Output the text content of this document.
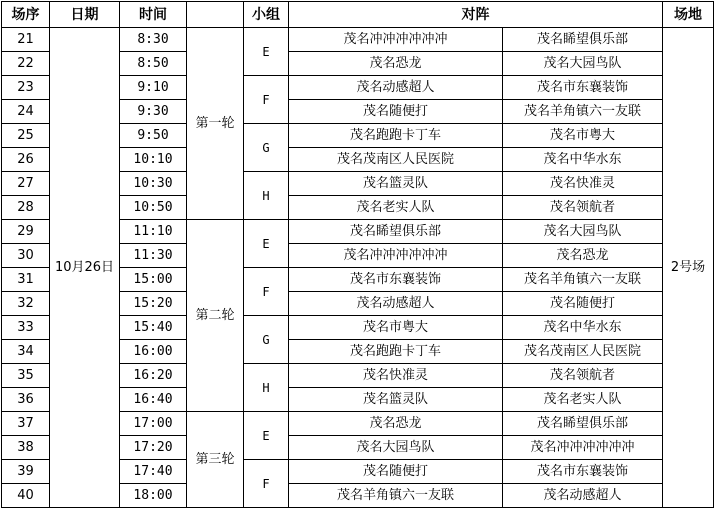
场序	日期	时间		小组	对阵		场地
21	10月26日	8:30	第一轮	E	茂名冲冲冲冲冲冲	茂名睎望俱乐部	2号场
22		8:50			茂名恐龙	茂名大园鸟队	
23		9:10		F	茂名动感超人	茂名市东襄装饰	
24		9:30			茂名随便打	茂名羊角镇六一友联	
25		9:50		G	茂名跑跑卡丁车	茂名市粤大	
26		10:10			茂名茂南区人民医院	茂名中华水东	
27		10:30		H	茂名篮灵队	茂名快准灵	
28		10:50			茂名老实人队	茂名领航者	
29		11:10	第二轮	E	茂名睎望俱乐部	茂名大园鸟队	
30		11:30			茂名冲冲冲冲冲冲	茂名恐龙	
31		15:00		F	茂名市东襄装饰	茂名羊角镇六一友联	
32		15:20			茂名动感超人	茂名随便打	
33		15:40		G	茂名市粤大	茂名中华水东	
34		16:00			茂名跑跑卡丁车	茂名茂南区人民医院	
35		16:20		H	茂名快准灵	茂名领航者	
36		16:40			茂名篮灵队	茂名老实人队	
37		17:00	第三轮	E	茂名恐龙	茂名睎望俱乐部	
38		17:20			茂名大园鸟队	茂名冲冲冲冲冲冲	
39		17:40		F	茂名随便打	茂名市东襄装饰	
40		18:00			茂名羊角镇六一友联	茂名动感超人	
